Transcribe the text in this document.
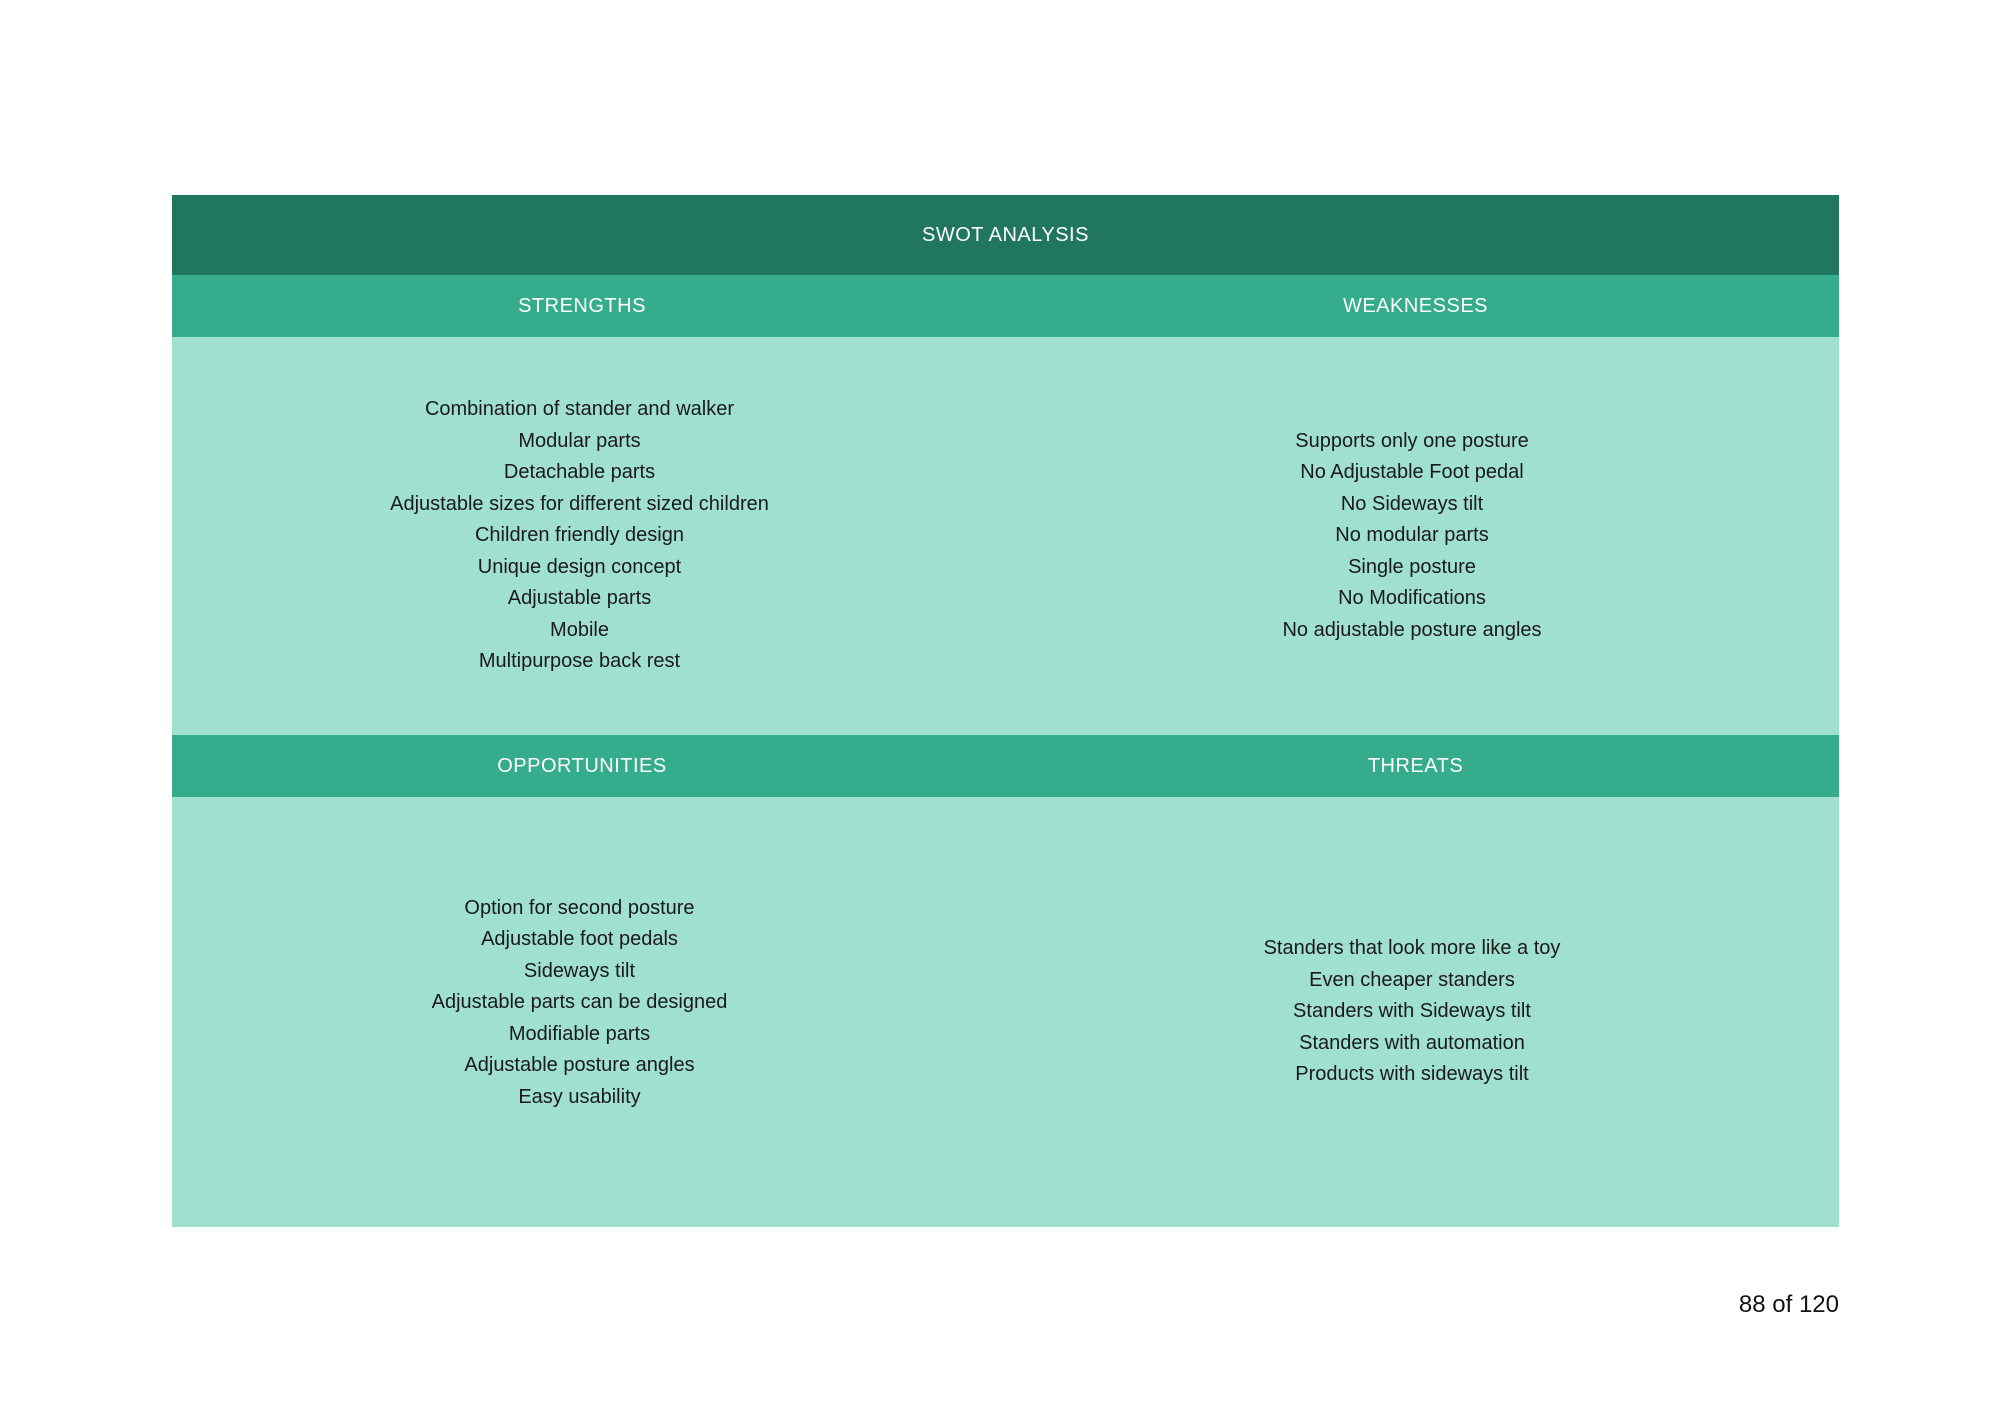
SWOT ANALYSIS
STRENGTHS	WEAKNESSES
Combination of stander and walker
Modular parts
Detachable parts
Adjustable sizes for different sized children
Children friendly design
Unique design concept
Adjustable parts
Mobile
Multipurpose back rest
Supports only one posture
No Adjustable Foot pedal
No Sideways tilt
No modular parts
Single posture
No Modifications
No adjustable posture angles
OPPORTUNITIES	THREATS
Option for second posture
Adjustable foot pedals
Sideways tilt
Adjustable parts can be designed
Modifiable parts
Adjustable posture angles
Easy usability
Standers that look more like a toy
Even cheaper standers
Standers with Sideways tilt
Standers with automation
Products with sideways tilt
88 of 120
